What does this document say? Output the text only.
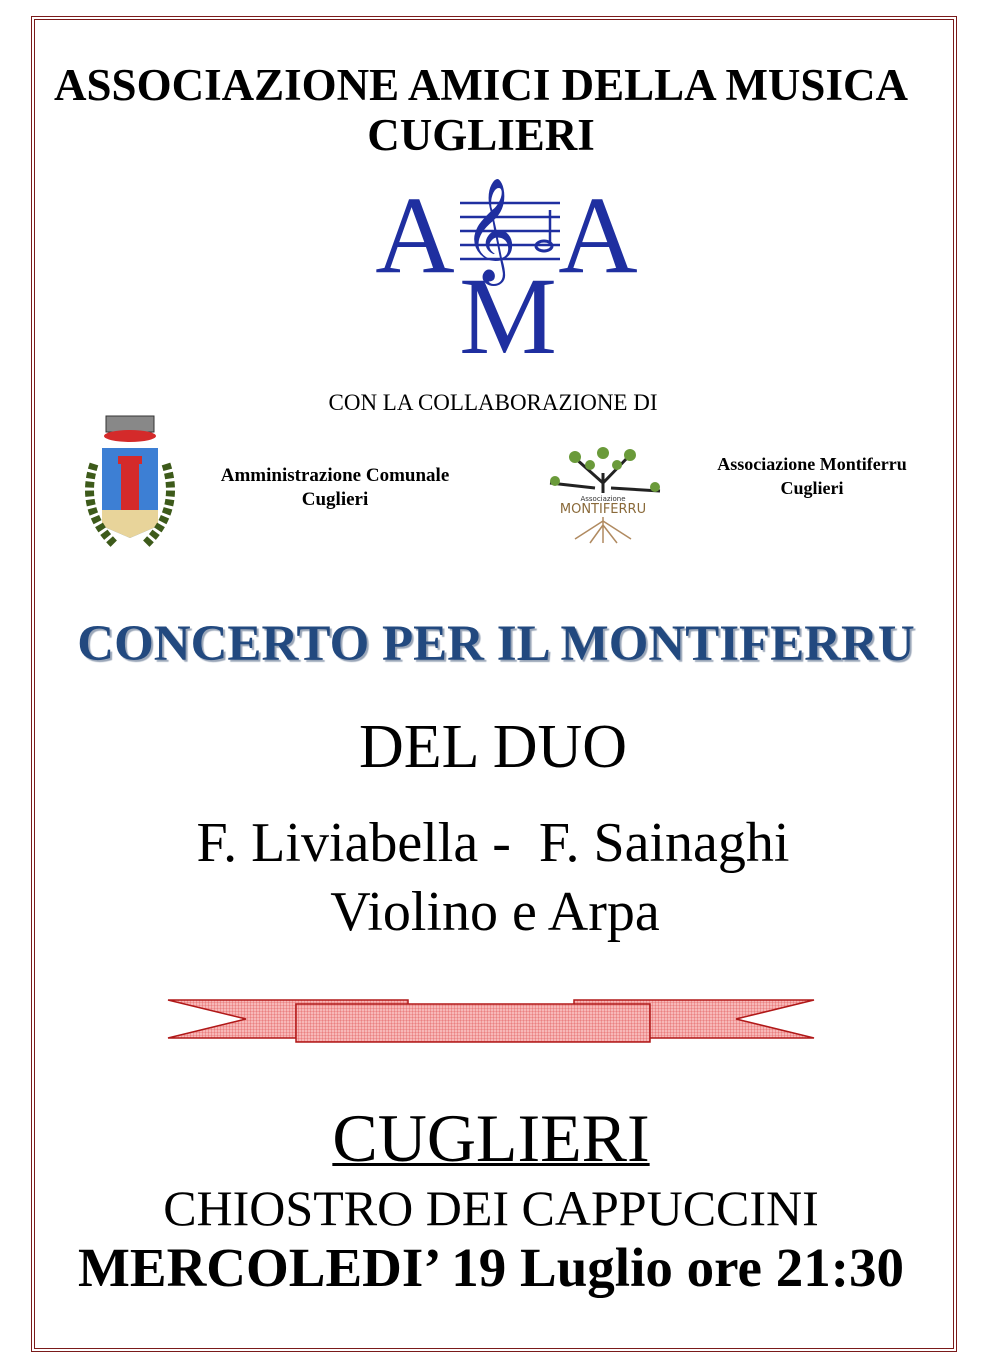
ASSOCIAZIONE AMICI DELLA MUSICA
CUGLIERI
A A
M
𝄞
CON LA COLLABORAZIONE DI
Amministrazione Comunale
Cuglieri	Associazione
MONTIFERRU
Associazione Montiferru
Cuglieri
CONCERTO PER IL MONTIFERRU
DEL DUO
F. Liviabella -  F. Sainaghi
Violino e Arpa
CUGLIERI
CHIOSTRO DEI CAPPUCCINI
MERCOLEDI’ 19 Luglio ore 21:30
